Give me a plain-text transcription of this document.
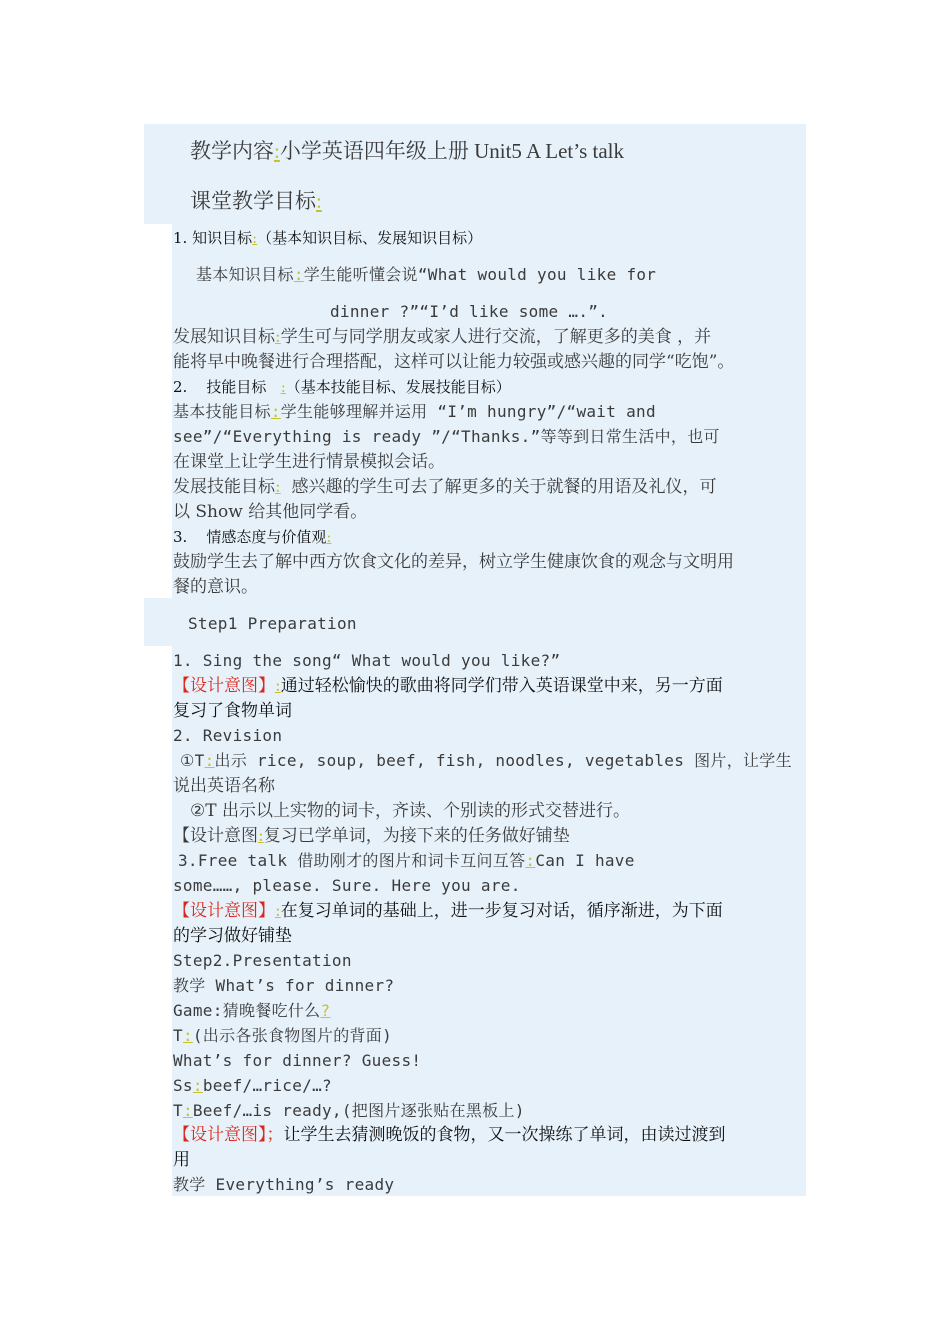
教学内容:小学英语四年级上册 Unit5 A Let’s talk
课堂教学目标:
1. 知识目标:（基本知识目标、发展知识目标）
基本知识目标:学生能听懂会说“What would you like for
dinner ?”“I’d like some ….”.
发展知识目标:学生可与同学朋友或家人进行交流，了解更多的美食 ，并
能将早中晚餐进行合理搭配，这样可以让能力较强或感兴趣的同学“吃饱”。
2. 技能目标 :（基本技能目标、发展技能目标）
基本技能目标:学生能够理解并运用 “I’m hungry”/“wait and
see”/“Everything is ready ”/“Thanks.”等等到日常生活中，也可
在课堂上让学生进行情景模拟会话。
发展技能目标:  感兴趣的学生可去了解更多的关于就餐的用语及礼仪，可
以 Show 给其他同学看。
3. 情感态度与价值观:
鼓励学生去了解中西方饮食文化的差异，树立学生健康饮食的观念与文明用
餐的意识。
Step1 Preparation
1. Sing the song“ What would you like?”
【设计意图】:通过轻松愉快的歌曲将同学们带入英语课堂中来，另一方面
复习了食物单词
2. Revision
①T:出示 rice, soup, beef, fish, noodles, vegetables 图片，让学生
说出英语名称
②T 出示以上实物的词卡，齐读、个别读的形式交替进行。
【设计意图:复习已学单词，为接下来的任务做好铺垫
3.Free talk 借助刚才的图片和词卡互问互答:Can I have
some……, please. Sure. Here you are.
【设计意图】:在复习单词的基础上，进一步复习对话，循序渐进，为下面
的学习做好铺垫
Step2.Presentation
教学 What’s for dinner?
Game:猜晚餐吃什么?
T:(出示各张食物图片的背面)
What’s for dinner? Guess!
Ss:beef/…rice/…?
T:Beef/…is ready,(把图片逐张贴在黑板上)
【设计意图】；让学生去猜测晚饭的食物，又一次操练了单词，由读过渡到
用
教学 Everything’s ready
